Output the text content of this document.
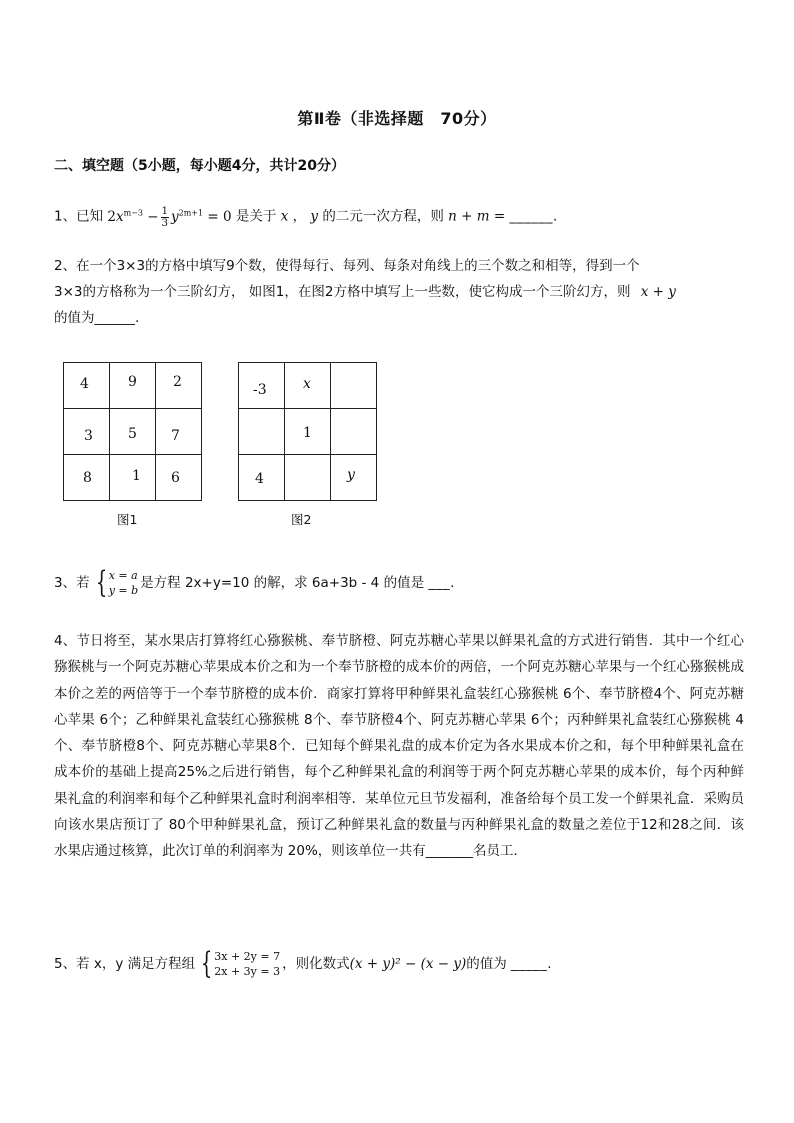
第Ⅱ卷（非选择题　70分）
二、填空题（5小题，每小题4分，共计20分）
1、已知 $2x^{m-3} - \frac{1}{3} y^{2m+1} = 0$ 是关于 x ， y 的二元一次方程，则 n + m = ______.
2、在一个3×3的方格中填写9个数，使得每行、每列、每条对角线上的三个数之和相等，得到一个
3×3的方格称为一个三阶幻方， 如图1，在图2方格中填写上一些数，使它构成一个三阶幻方，则 x + y
的值为______.
4	9	2

3	5	7

8	1	6
图1
-3	x	

	1	

4		y
图2
3、若 { x = a
y = b 是方程 2x+y=10 的解，求 6a+3b - 4 的值是 ___.
4、节日将至，某水果店打算将红心猕猴桃、奉节脐橙、阿克苏糖心苹果以鲜果礼盒的方式进行销售．其中一个红心猕猴桃与一个阿克苏糖心苹果成本价之和为一个奉节脐橙的成本价的两倍，一个阿克苏糖心苹果与一个红心猕猴桃成本价之差的两倍等于一个奉节脐橙的成本价．商家打算将甲种鲜果礼盒装红心猕猴桃 6个、奉节脐橙4个、阿克苏糖心苹果 6个；乙种鲜果礼盒装红心猕猴桃 8个、奉节脐橙4个、阿克苏糖心苹果 6个；丙种鲜果礼盒装红心猕猴桃 4个、奉节脐橙8个、阿克苏糖心苹果8个．已知每个鲜果礼盘的成本价定为各水果成本价之和，每个甲种鲜果礼盒在成本价的基础上提高25%之后进行销售，每个乙种鲜果礼盒的利润等于两个阿克苏糖心苹果的成本价，每个丙种鲜果礼盒的利润率和每个乙种鲜果礼盒时利润率相等．某单位元旦节发福利，准备给每个员工发一个鲜果礼盒．采购员向该水果店预订了 80个甲种鲜果礼盒，预订乙种鲜果礼盒的数量与丙种鲜果礼盒的数量之差位于12和28之间．该水果店通过核算，此次订单的利润率为 20%，则该单位一共有_______名员工．
5、若 x，y 满足方程组 { 3x + 2y = 7
2x + 3y = 3 ，则化数式(x + y)² − (x − y)的值为 _____.
